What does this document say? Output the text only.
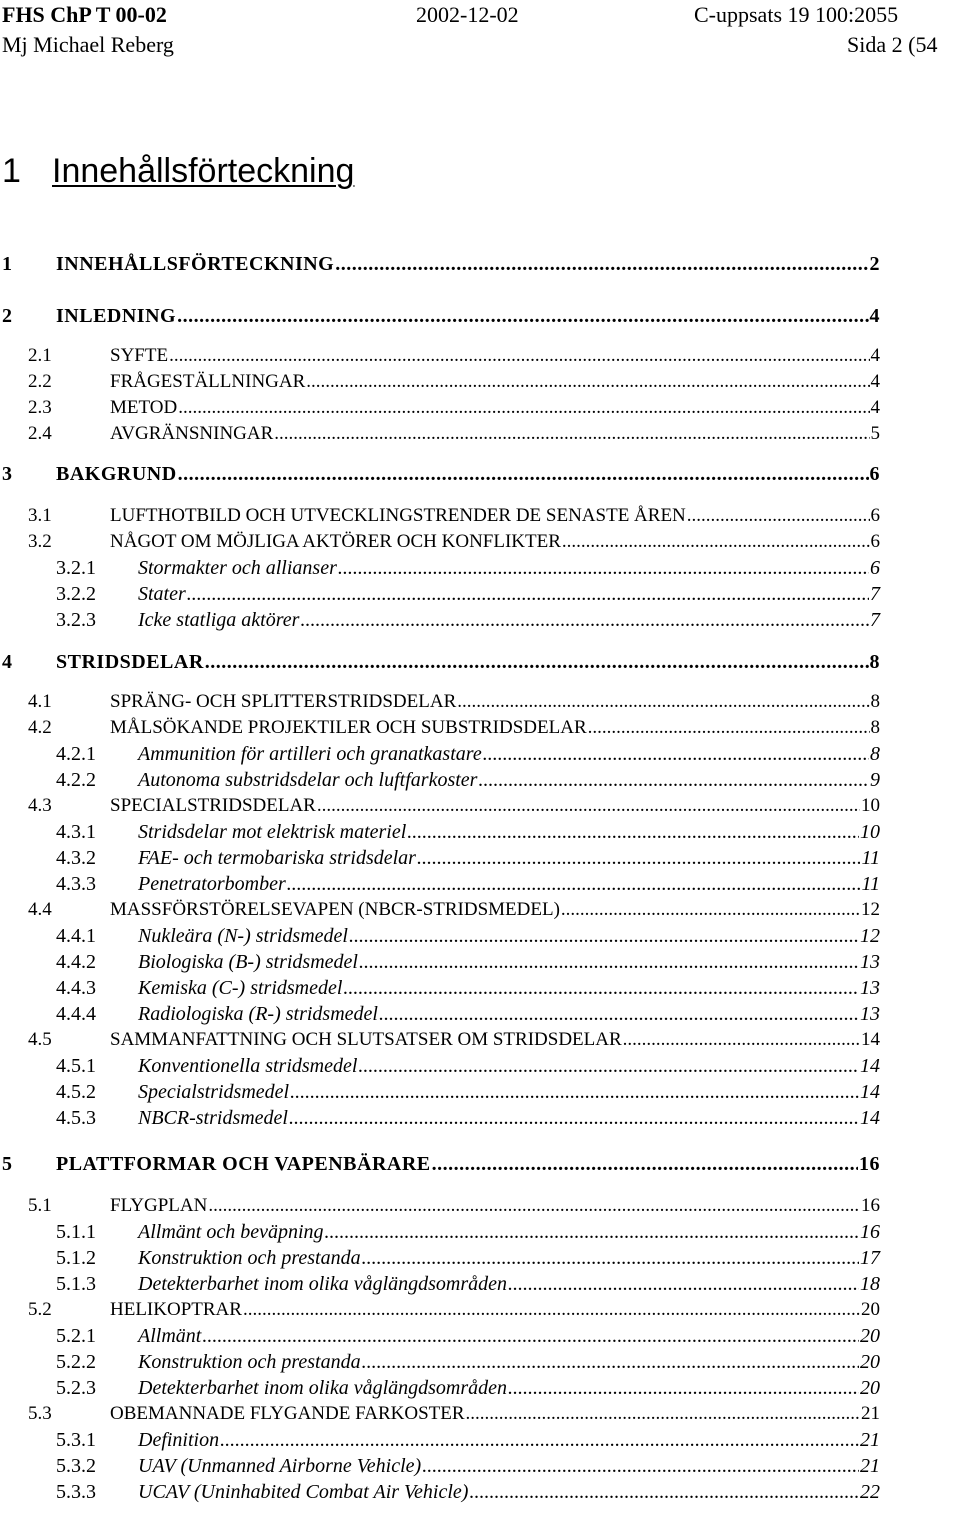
FHS ChP T 00-02	2002-12-02	C-uppsats 19 100:2055
Mj Michael Reberg	Sida 2 (54
1 Innehållsförteckning
1 INNEHÅLLSFÖRTECKNING .....	2
2 INLEDNING .....	4
2.1	SYFTE .....	4
2.2	FRÅGESTÄLLNINGAR .....	4
2.3	METOD .....	4
2.4	AVGRÄNSNINGAR .....	5
3 BAKGRUND .....	6
3.1	LUFTHOTBILD OCH UTVECKLINGSTRENDER DE SENASTE ÅREN .....	6
3.2	NÅGOT OM MÖJLIGA AKTÖRER OCH KONFLIKTER .....	6
3.2.1 Stormakter och allianser .....	6
3.2.2 Stater .....	7
3.2.3 Icke statliga aktörer .....	7
4 STRIDSDELAR .....	8
4.1	SPRÄNG- OCH SPLITTERSTRIDSDELAR .....	8
4.2	MÅLSÖKANDE PROJEKTILER OCH SUBSTRIDSDELAR .....	8
4.2.1 Ammunition för artilleri och granatkastare .....	8
4.2.2 Autonoma substridsdelar och luftfarkoster .....	9
4.3	SPECIALSTRIDSDELAR .....	10
4.3.1 Stridsdelar mot elektrisk materiel .....	10
4.3.2 FAE- och termobariska stridsdelar .....	11
4.3.3 Penetratorbomber .....	11
4.4	MASSFÖRSTÖRELSEVAPEN (NBCR-STRIDSMEDEL) .....	12
4.4.1 Nukleära (N-) stridsmedel .....	12
4.4.2 Biologiska (B-) stridsmedel .....	13
4.4.3 Kemiska (C-) stridsmedel .....	13
4.4.4 Radiologiska (R-) stridsmedel .....	13
4.5	SAMMANFATTNING OCH SLUTSATSER OM STRIDSDELAR .....	14
4.5.1 Konventionella stridsmedel .....	14
4.5.2 Specialstridsmedel .....	14
4.5.3 NBCR-stridsmedel .....	14
5 PLATTFORMAR OCH VAPENBÄRARE .....	16
5.1	FLYGPLAN .....	16
5.1.1 Allmänt och beväpning .....	16
5.1.2 Konstruktion och prestanda .....	17
5.1.3 Detekterbarhet inom olika våglängdsområden .....	18
5.2	HELIKOPTRAR .....	20
5.2.1 Allmänt .....	20
5.2.2 Konstruktion och prestanda .....	20
5.2.3 Detekterbarhet inom olika våglängdsområden .....	20
5.3	OBEMANNADE FLYGANDE FARKOSTER .....	21
5.3.1 Definition .....	21
5.3.2 UAV (Unmanned Airborne Vehicle) .....	21
5.3.3 UCAV (Uninhabited Combat Air Vehicle) .....	22
